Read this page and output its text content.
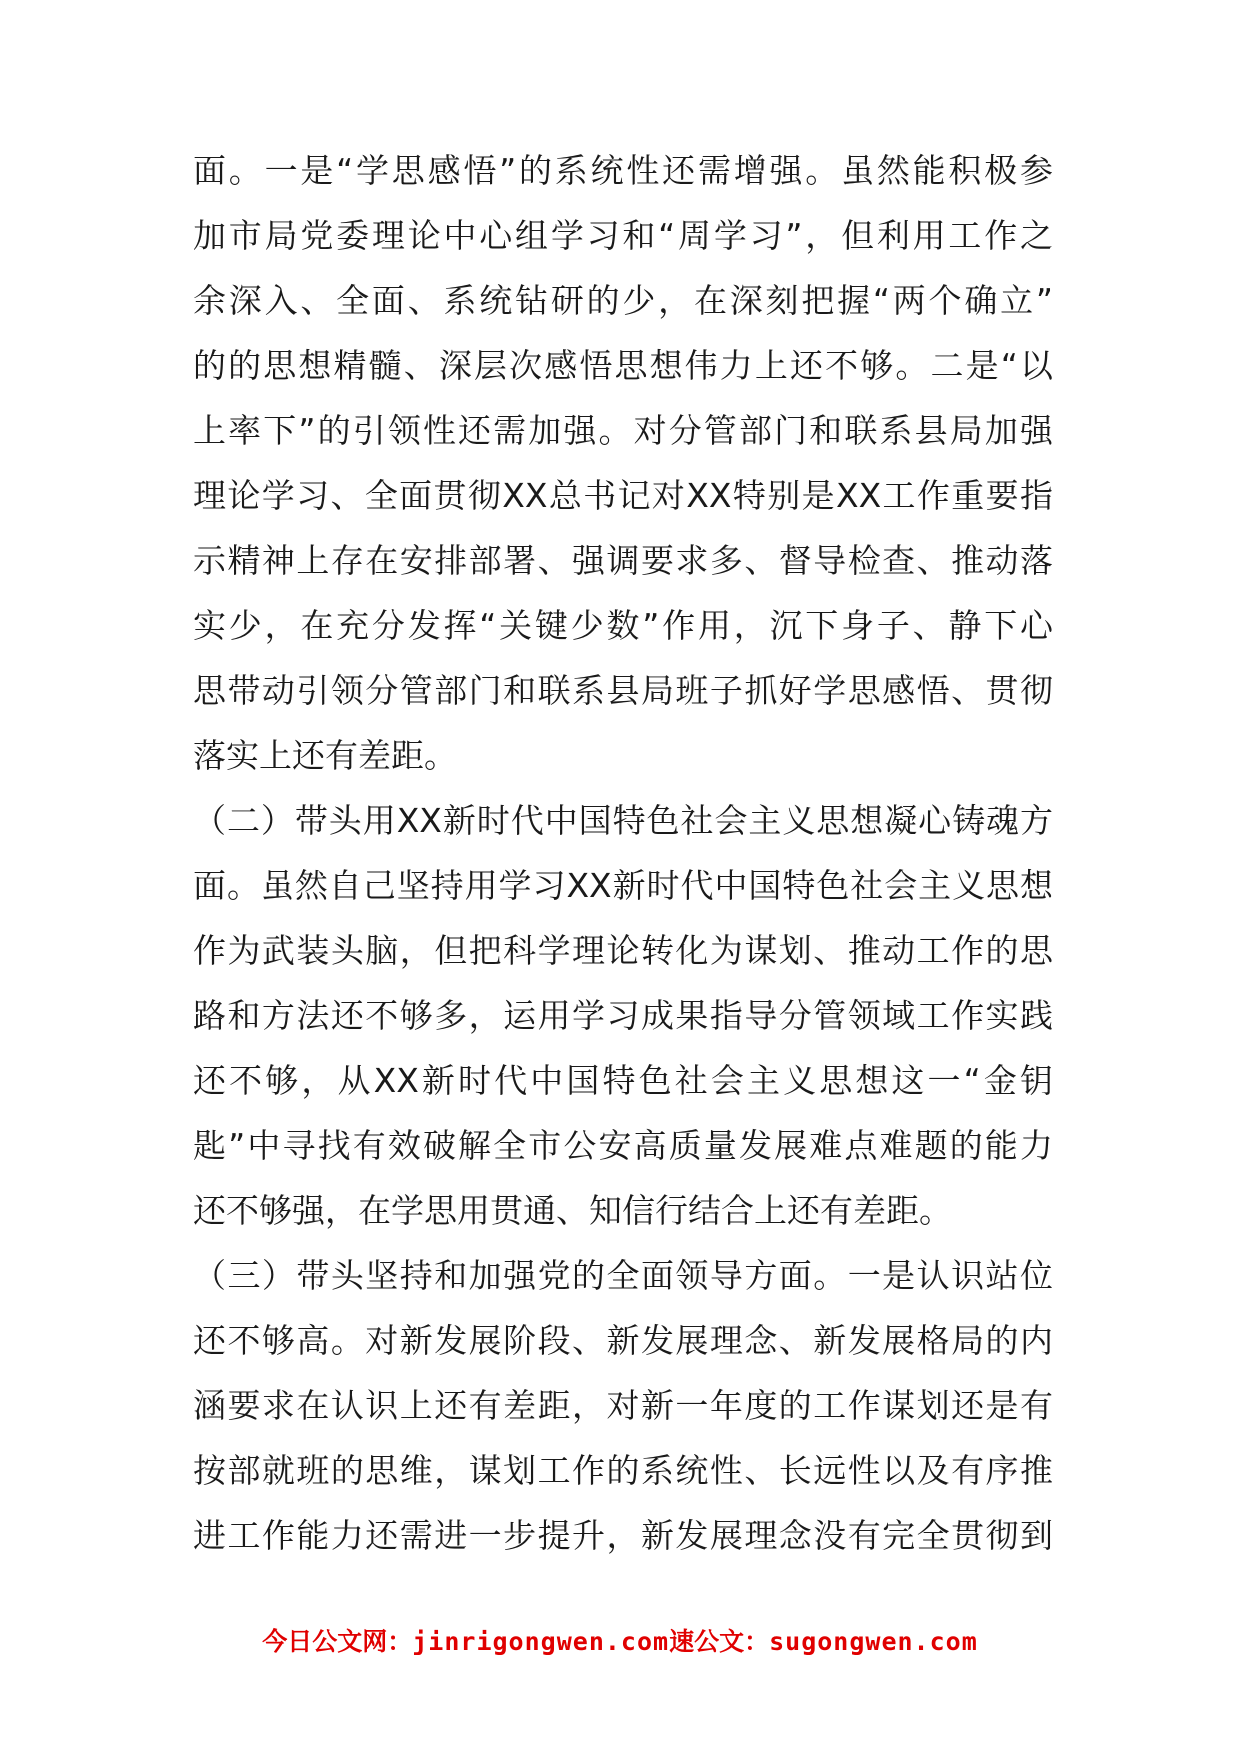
面。一是“学思感悟”的系统性还需增强。虽然能积极参
加市局党委理论中心组学习和“周学习”，但利用工作之
余深入、全面、系统钻研的少，在深刻把握“两个确立”
的的思想精髓、深层次感悟思想伟力上还不够。二是“以
上率下”的引领性还需加强。对分管部门和联系县局加强
理论学习、全面贯彻XX总书记对XX特别是XX工作重要指
示精神上存在安排部署、强调要求多、督导检查、推动落
实少，在充分发挥“关键少数”作用，沉下身子、静下心
思带动引领分管部门和联系县局班子抓好学思感悟、贯彻
落实上还有差距。
（二）带头用XX新时代中国特色社会主义思想凝心铸魂方
面。虽然自己坚持用学习XX新时代中国特色社会主义思想
作为武装头脑，但把科学理论转化为谋划、推动工作的思
路和方法还不够多，运用学习成果指导分管领域工作实践
还不够，从XX新时代中国特色社会主义思想这一“金钥
匙”中寻找有效破解全市公安高质量发展难点难题的能力
还不够强，在学思用贯通、知信行结合上还有差距。
（三）带头坚持和加强党的全面领导方面。一是认识站位
还不够高。对新发展阶段、新发展理念、新发展格局的内
涵要求在认识上还有差距，对新一年度的工作谋划还是有
按部就班的思维，谋划工作的系统性、长远性以及有序推
进工作能力还需进一步提升，新发展理念没有完全贯彻到
今日公文网：jinrigongwen.com速公文：sugongwen.com
